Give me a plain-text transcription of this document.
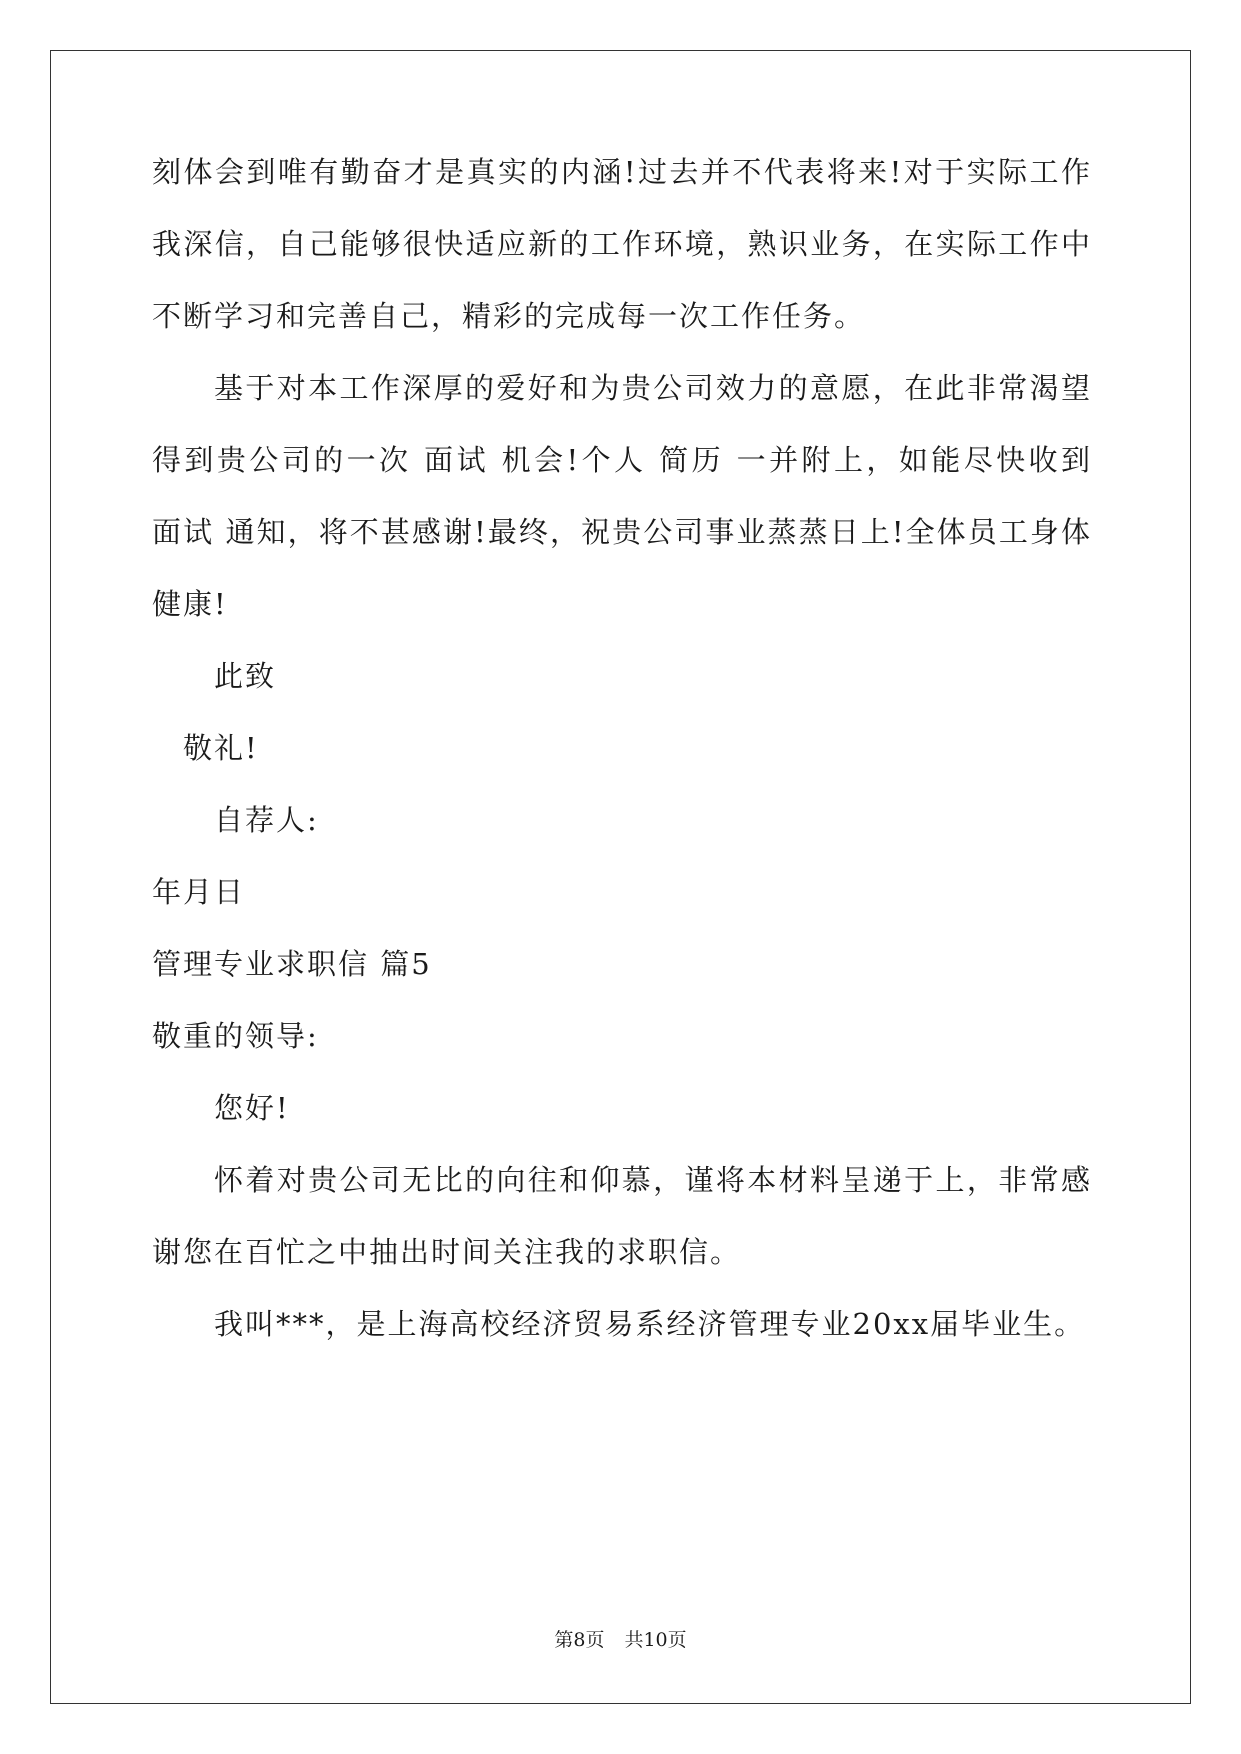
刻体会到唯有勤奋才是真实的内涵!过去并不代表将来!对于实际工作
我深信，自己能够很快适应新的工作环境，熟识业务，在实际工作中
不断学习和完善自己，精彩的完成每一次工作任务。
基于对本工作深厚的爱好和为贵公司效力的意愿，在此非常渴望
得到贵公司的一次 面试 机会!个人 简历 一并附上，如能尽快收到
面试 通知，将不甚感谢!最终，祝贵公司事业蒸蒸日上!全体员工身体
健康!
此致
敬礼!
自荐人:
年月日
管理专业求职信 篇5
敬重的领导:
您好!
怀着对贵公司无比的向往和仰慕，谨将本材料呈递于上，非常感
谢您在百忙之中抽出时间关注我的求职信。
我叫***，是上海高校经济贸易系经济管理专业20xx届毕业生。
第8页 共10页
